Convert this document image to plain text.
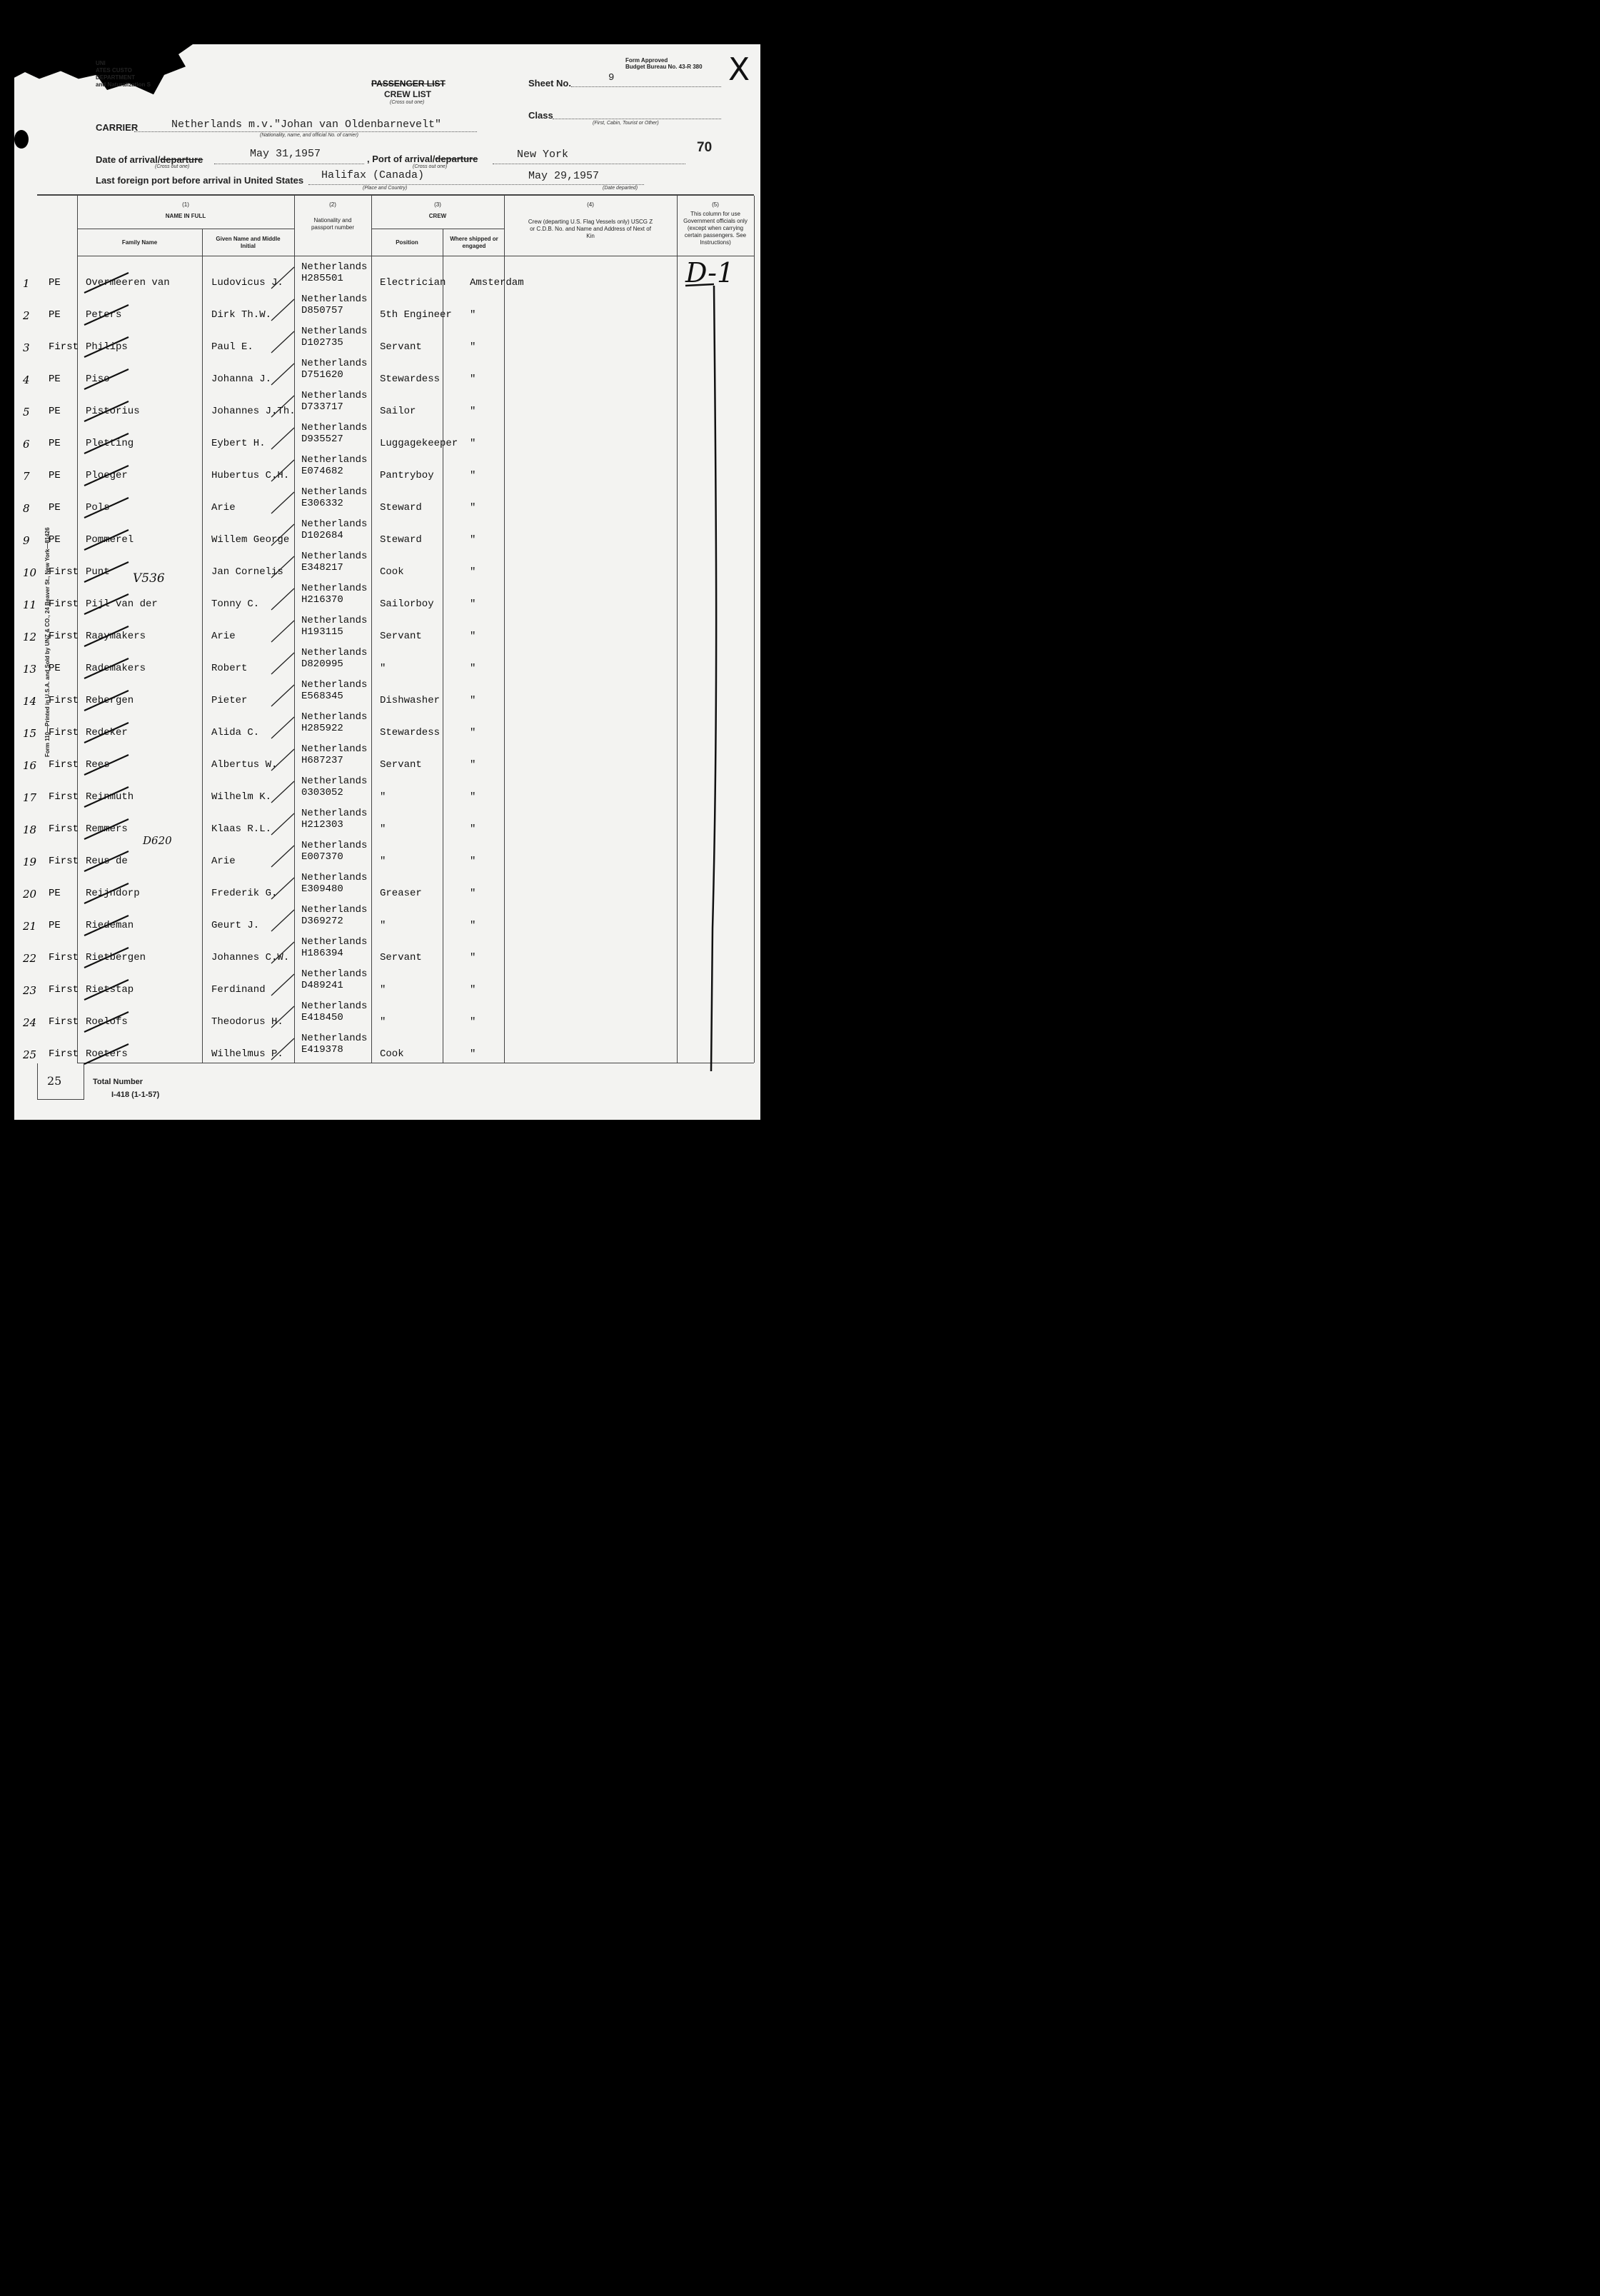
UNI
ATES CUSTO
DEPARTMENT
and Naturalization S
Form Approved
Budget Bureau No. 43-R 380 X
PASSENGER LIST
CREW LIST
(Cross out one)
Sheet No.	9
Class
(First, Cabin, Tourist or Other)
CARRIER	Netherlands m.v."Johan van Oldenbarnevelt"
(Nationality, name, and official No. of carrier)
Date of arrival/departure
(Cross out one)
May 31,1957	, Port of arrival/departure
(Cross out one)
New York	70
Last foreign port before arrival in United States Halifax (Canada)
(Place and Country)
May 29,1957
(Date departed)
(1)
NAME IN FULL
Family Name
Given Name and Middle Initial
(2)
Nationality and passport number
(3)
CREW
Position
Where shipped or engaged
(4)
Crew (departing U.S. Flag Vessels only) USCG Z or C.D.B. No. and Name and Address of Next of Kin
(5)
This column for use Government officials only (except when carrying certain passengers. See Instructions)
Form 110—Printed in U.S.A. and Sold by UNZ & CO., 24 Beaver St., New York—81426
1 PE	Overmeeren van	Ludovicus J.
Netherlands
H285501	Electrician Amsterdam
2 PE	Peters	Dirk Th.W.
Netherlands
D850757	5th Engineer "
3 First Philips	Paul E.
Netherlands
D102735	Servant	"
4 PE	Piso	Johanna J.
Netherlands
D751620	Stewardess	"
5 PE	Pistorius	Johannes J.Th.
Netherlands
D733717	Sailor	"
6 PE	Pletting	Eybert H.
Netherlands
D935527	Luggagekeeper "
7 PE	Ploeger	Hubertus C.H.
Netherlands
E074682	Pantryboy	"
8 PE	Pols	Arie
Netherlands
E306332	Steward	"
9 PE	Pommerel	Willem George
Netherlands
D102684	Steward	"
10 First Punt	Jan Cornelis
Netherlands
E348217	Cook	"
11 First Pijl van der	Tonny C.
Netherlands
H216370	Sailorboy	"
12 First Raaymakers	Arie
Netherlands
H193115	Servant	"
13 PE	Rademakers	Robert
Netherlands
D820995	"	"
14 First Rebergen	Pieter
Netherlands
E568345	Dishwasher	"
15 First Redeker	Alida C.
Netherlands
H285922	Stewardess	"
16 First Rees	Albertus W.
Netherlands
H687237	Servant	"
17 First Reinmuth	Wilhelm K.
Netherlands
0303052	"	"
18 First Remmers	Klaas R.L.
Netherlands
H212303	"	"
19 First Reus de	Arie
Netherlands
E007370	"	"
20 PE	Reijndorp	Frederik G.
Netherlands
E309480	Greaser	"
21 PE	Riedeman	Geurt J.
Netherlands
D369272	"	"
22 First Rietbergen	Johannes C.W.
Netherlands
H186394	Servant	"
23 First Rietstap	Ferdinand
Netherlands
D489241	"	"
24 First Roelofs	Theodorus H.
Netherlands
E418450	"	"
25 First Roeters	Wilhelmus P.
Netherlands
E419378	Cook	"
D-1
V536
D620
25	Total Number
I-418 (1-1-57)
